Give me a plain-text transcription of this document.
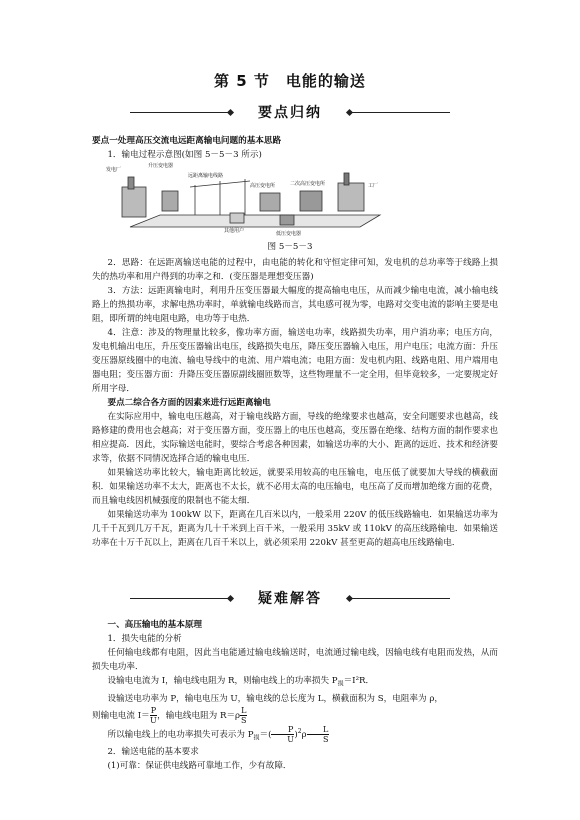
第 5 节　电能的输送
要点归纳
要点一处理高压交流电远距离输电问题的基本思路

1．输电过程示意图(如图 5－5－3 所示)

发电厂
升压变电器
远距离输电线路
高压变电所	二次高压变电所	工厂
其他用户	低压变电器
图 5－5－3

2．思路：在远距离输送电能的过程中，由电能的转化和守恒定律可知，发电机的总功率等于线路上损失的热功率和用户得到的功率之和．(变压器是理想变压器)

3．方法：远距离输电时，利用升压变压器最大幅度的提高输电电压，从而减少输电电流，减小输电线路上的热损功率，求解电热功率时，单就输电线路而言，其电感可视为零，电路对交变电流的影响主要是电阻，即所谓的纯电阻电路，电功等于电热．

4．注意：涉及的物理量比较多，像功率方面，输送电功率，线路损失功率，用户消功率；电压方向，发电机输出电压，升压变压器输出电压，线路损失电压，降压变压器输入电压，用户电压；电流方面：升压变压器原线圈中的电流、输电导线中的电流、用户端电流；电阻方面：发电机内阻、线路电阻、用户端用电器电阻；变压器方面：升降压变压器原副线圈匝数等，这些物理量不一定全用，但毕竟较多，一定要规定好所用字母．

要点二综合各方面的因素来进行远距离输电

在实际应用中，输电电压越高，对于输电线路方面，导线的绝缘要求也越高，安全问题要求也越高，线路修建的费用也会越高；对于变压器方面，变压器上的电压也越高，变压器在绝缘、结构方面的制作要求也相应提高．因此，实际输送电能时，要综合考虑各种因素，如输送功率的大小、距离的远近、技术和经济要求等，依据不同情况选择合适的输电电压．

如果输送功率比较大，输电距离比较远，就要采用较高的电压输电，电压低了就要加大导线的横截面积．如果输送功率不太大，距离也不太长，就不必用太高的电压输电，电压高了反而增加绝缘方面的花费，而且输电线因机械强度的限制也不能太细．

如果输送功率为 100kW 以下，距离在几百米以内，一般采用 220V 的低压线路输电．如果输送功率为几千千瓦到几万千瓦，距离为几十千米到上百千米，一般采用 35kV 或 110kV 的高压线路输电．如果输送功率在十万千瓦以上，距离在几百千米以上，就必须采用 220kV 甚至更高的超高电压线路输电．

疑难解答
一、高压输电的基本原理

1．损失电能的分析

任何输电线都有电阻，因此当电能通过输电线输送时，电流通过输电线，因输电线有电阻而发热，从而损失电功率．

设输电电流为 I，输电线电阻为 R，则输电线上的功率损失 $P_损=I^2R$．

设输送电功率为 P，输电电压为 U，输电线的总长度为 L，横截面积为 S，电阻率为 ρ，

则输电电流 $I= \frac{P}{U}$ ，输电线电阻为 $R=\rho \frac{L}{S}$

所以输电线上的电功率损失可表示为 $P_损=( \frac{P}{U} )^2\rho \frac{L}{S}$

2．输送电能的基本要求

(1)可靠：保证供电线路可靠地工作，少有故障．
